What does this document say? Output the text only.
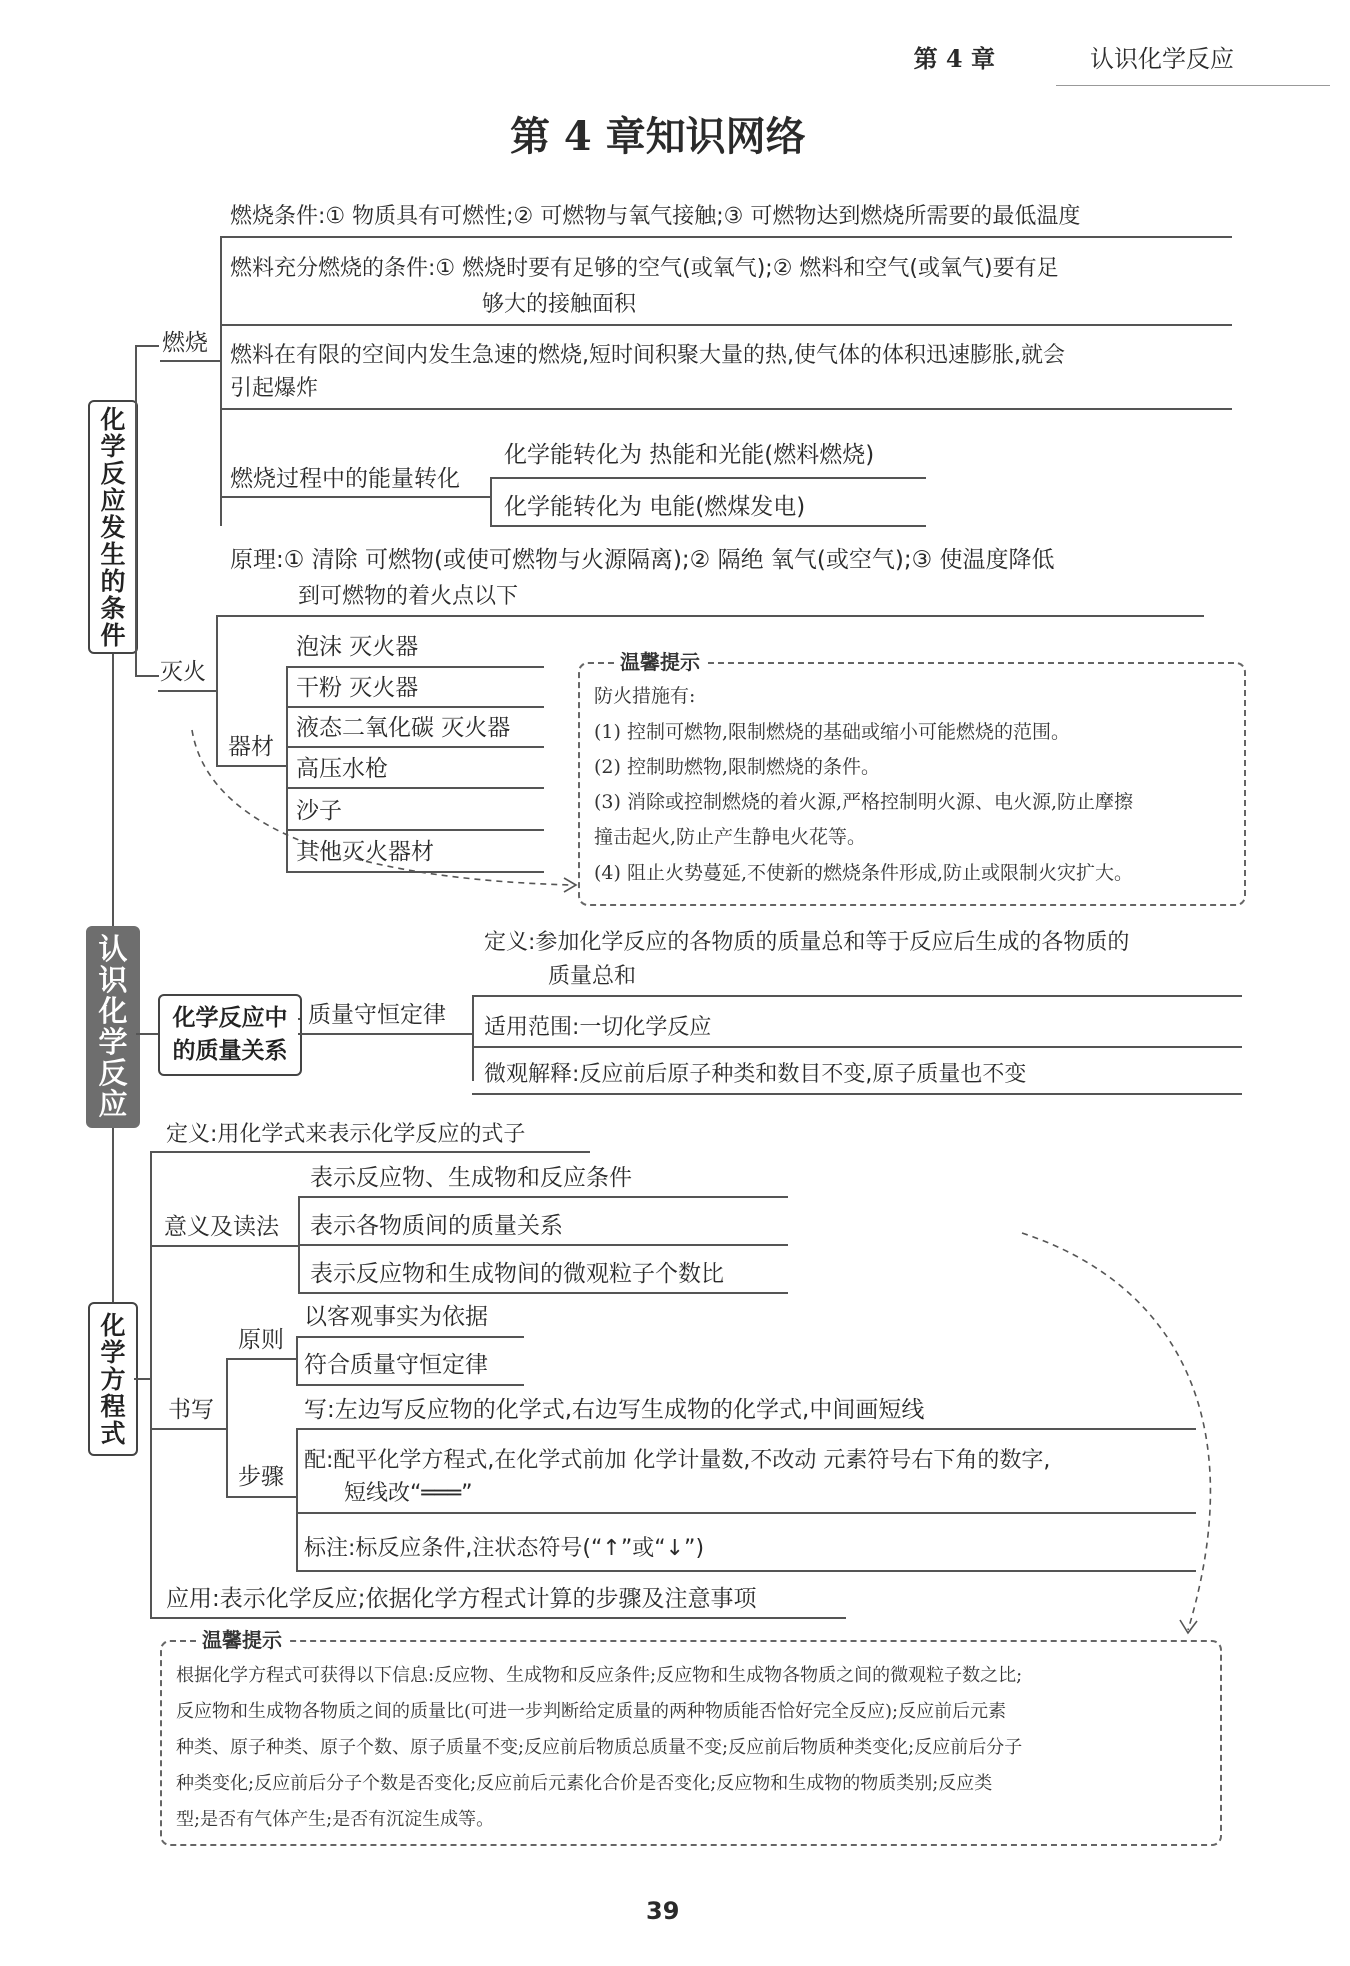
第 4 章	认识化学反应
第 4 章知识网络
化
学
反
应
发
生
的
条
件
燃烧
燃烧条件:① 物质具有可燃性;② 可燃物与氧气接触;③ 可燃物达到燃烧所需要的最低温度
燃料充分燃烧的条件:① 燃烧时要有足够的空气(或氧气);② 燃料和空气(或氧气)要有足
够大的接触面积
燃料在有限的空间内发生急速的燃烧,短时间积聚大量的热,使气体的体积迅速膨胀,就会
引起爆炸
燃烧过程中的能量转化
化学能转化为 热能和光能(燃料燃烧)
化学能转化为 电能(燃煤发电)
灭火
原理:① 清除 可燃物(或使可燃物与火源隔离);② 隔绝 氧气(或空气);③ 使温度降低
到可燃物的着火点以下
器材
泡沫 灭火器
干粉 灭火器
液态二氧化碳 灭火器
高压水枪
沙子
其他灭火器材
温馨提示
防火措施有:
(1) 控制可燃物,限制燃烧的基础或缩小可能燃烧的范围。
(2) 控制助燃物,限制燃烧的条件。
(3) 消除或控制燃烧的着火源,严格控制明火源、电火源,防止摩擦
撞击起火,防止产生静电火花等。
(4) 阻止火势蔓延,不使新的燃烧条件形成,防止或限制火灾扩大。
认
识
化
学
反
应
化学反应中
的质量关系
质量守恒定律
定义:参加化学反应的各物质的质量总和等于反应后生成的各物质的
质量总和
适用范围:一切化学反应
微观解释:反应前后原子种类和数目不变,原子质量也不变
定义:用化学式来表示化学反应的式子
化
学
方
程
式
意义及读法
表示反应物、生成物和反应条件
表示各物质间的质量关系
表示反应物和生成物间的微观粒子个数比
书写
原则
以客观事实为依据
符合质量守恒定律
步骤
写:左边写反应物的化学式,右边写生成物的化学式,中间画短线
配:配平化学方程式,在化学式前加 化学计量数,不改动 元素符号右下角的数字,
短线改“═══”
标注:标反应条件,注状态符号(“↑”或“↓”)
应用:表示化学反应;依据化学方程式计算的步骤及注意事项
温馨提示
根据化学方程式可获得以下信息:反应物、生成物和反应条件;反应物和生成物各物质之间的微观粒子数之比;
反应物和生成物各物质之间的质量比(可进一步判断给定质量的两种物质能否恰好完全反应);反应前后元素
种类、原子种类、原子个数、原子质量不变;反应前后物质总质量不变;反应前后物质种类变化;反应前后分子
种类变化;反应前后分子个数是否变化;反应前后元素化合价是否变化;反应物和生成物的物质类别;反应类
型;是否有气体产生;是否有沉淀生成等。
39
